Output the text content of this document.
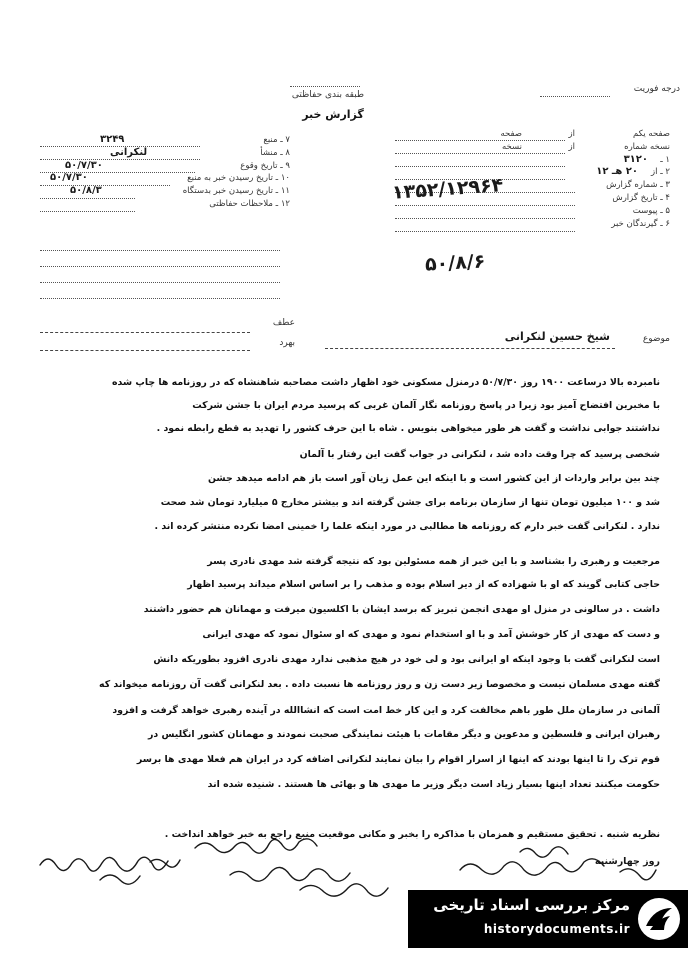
درجه فوریت
طبقه بندی حفاظتی
گزارش خبر
۷ ـ منبع
۳۲۴۹
۸ ـ منشأ
لنکرانی
۹ ـ تاریخ وقوع
۵۰/۷/۳۰
۱۰ ـ تاریخ رسیدن خبر به منبع
۵۰/۷/۳۰
۱۱ ـ تاریخ رسیدن خبر بدستگاه
۵۰/۸/۳
۱۲ ـ ملاحظات حفاظتی
صفحه یکم
از
صفحه
نسخه شماره
از
نسخه
۱ ـ
۳۱۲۰
۲ ـ از
۲۰ هـ ۱۲
۳ ـ شماره گزارش
۴ ـ تاریخ گزارش
۵ ـ پیوست
۶ ـ گیرندگان خبر
۱۳۵۲/۱۲۹۶۴
۵۰/۸/۶
عطف
بهرد	موضوع
شیخ حسین لنکرانی
نامبرده بالا درساعت ۱۹۰۰ روز ۵۰/۷/۳۰ درمنزل مسکونی خود اظهار داشت مصاحبه شاهنشاه که در روزنامه ها چاپ شده
با مخبرین افتضاح آمیز بود زیرا در پاسخ روزنامه نگار آلمان غربی که پرسید مردم ایران با جشن شرکت
نداشتند جوابی نداشت و گفت هر طور میخواهی بنویس . شاه با این حرف کشور را تهدید به قطع رابطه نمود .
شخصی پرسید که چرا وقت داده شد ، لنکرانی در جواب گفت این رفتار با آلمان
چند بین برابر واردات از این کشور است و با اینکه این عمل زیان آور است باز هم ادامه میدهد جشن
شد و ۱۰۰ میلیون تومان تنها از سازمان برنامه برای جشن گرفته اند و بیشتر مخارج ۵ میلیارد تومان شد صحت
ندارد . لنکرانی گفت خبر دارم که روزنامه ها مطالبی در مورد اینکه علما را خمینی امضا نکرده منتشر کرده اند .
مرجعیت و رهبری را بشناسد و با این خبر از همه مسئولین بود که نتیجه گرفته شد مهدی نادری پسر
حاجی کتابی گویند که او با شهزاده که از دیر اسلام بوده و مذهب را بر اساس اسلام میداند پرسید اظهار
داشت . در سالونی در منزل او مهدی انجمن تبریز که برسد ایشان با اکلسیون میرفت و مهمانان هم حضور داشتند
و دست که مهدی از کار خوشش آمد و با او استخدام نمود و مهدی که او سئوال نمود که مهدی ایرانی
است لنکرانی گفت با وجود اینکه او ایرانی بود و لی خود در هیچ مذهبی ندارد مهدی نادری افزود بطوریکه دانش
گفته مهدی مسلمان نیست و مخصوصا زیر دست زن و روز روزنامه ها نسبت داده . بعد لنکرانی گفت آن روزنامه میخواند که
آلمانی در سازمان ملل طور باهم مخالفت کرد و این کار خط امت است که انشاالله در آینده رهبری خواهد گرفت و افزود
رهبران ایرانی و فلسطین و مدعوین و دیگر مقامات با هیئت نمایندگی صحبت نمودند و مهمانان کشور انگلیس در
قوم ترک را تا اینها بودند که اینها از اسرار اقوام را بیان نمایند لنکرانی اضافه کرد در ایران هم فعلا مهدی ها برسر
حکومت میکنند تعداد اینها بسیار زیاد است دیگر وزیر ما مهدی ها و بهائی ها هستند . شنیده شده اند
نظریه شنبه . تحقیق مستقیم و همزمان با مذاکره را بخبر و مکانی موقعیت منبع راجع به خبر خواهد انداخت .
روز چهارشنبه
مرکز بررسی اسناد تاریخی
historydocuments.ir
